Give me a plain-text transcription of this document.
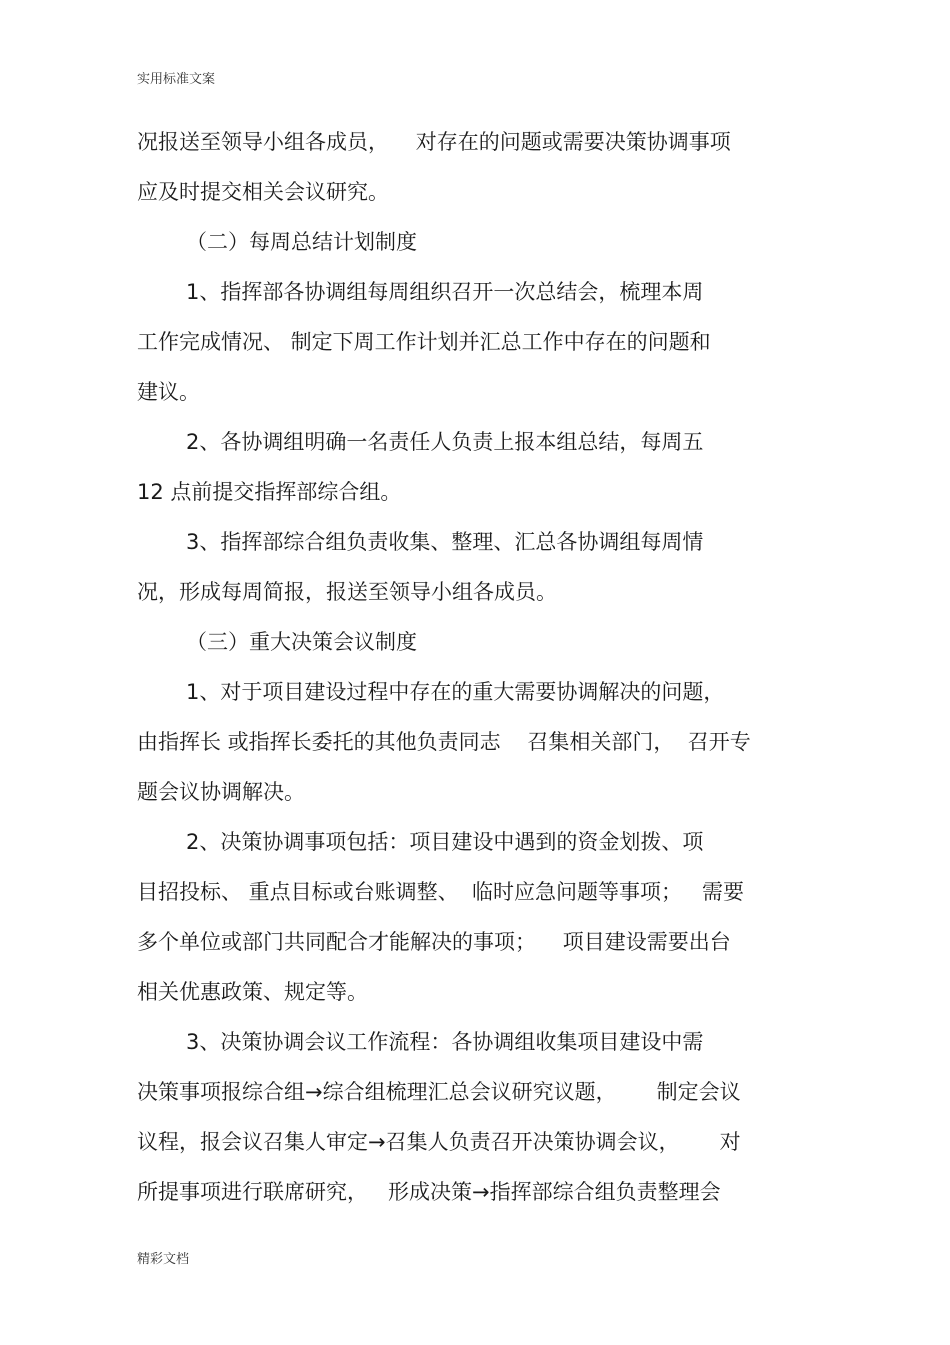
实用标准文案
况报送至领导小组各成员，    对存在的问题或需要决策协调事项
应及时提交相关会议研究。
（二）每周总结计划制度
1、指挥部各协调组每周组织召开一次总结会，梳理本周
工作完成情况、 制定下周工作计划并汇总工作中存在的问题和
建议。
2、各协调组明确一名责任人负责上报本组总结，每周五
12 点前提交指挥部综合组。
3、指挥部综合组负责收集、整理、汇总各协调组每周情
况，形成每周简报，报送至领导小组各成员。
（三）重大决策会议制度
1、对于项目建设过程中存在的重大需要协调解决的问题，
由指挥长 或指挥长委托的其他负责同志    召集相关部门，  召开专
题会议协调解决。
2、决策协调事项包括：项目建设中遇到的资金划拨、项
目招投标、 重点目标或台账调整、  临时应急问题等事项；   需要
多个单位或部门共同配合才能解决的事项；    项目建设需要出台
相关优惠政策、规定等。
3、决策协调会议工作流程：各协调组收集项目建设中需
决策事项报综合组→综合组梳理汇总会议研究议题，      制定会议
议程，报会议召集人审定→召集人负责召开决策协调会议，      对
所提事项进行联席研究，   形成决策→指挥部综合组负责整理会
精彩文档
